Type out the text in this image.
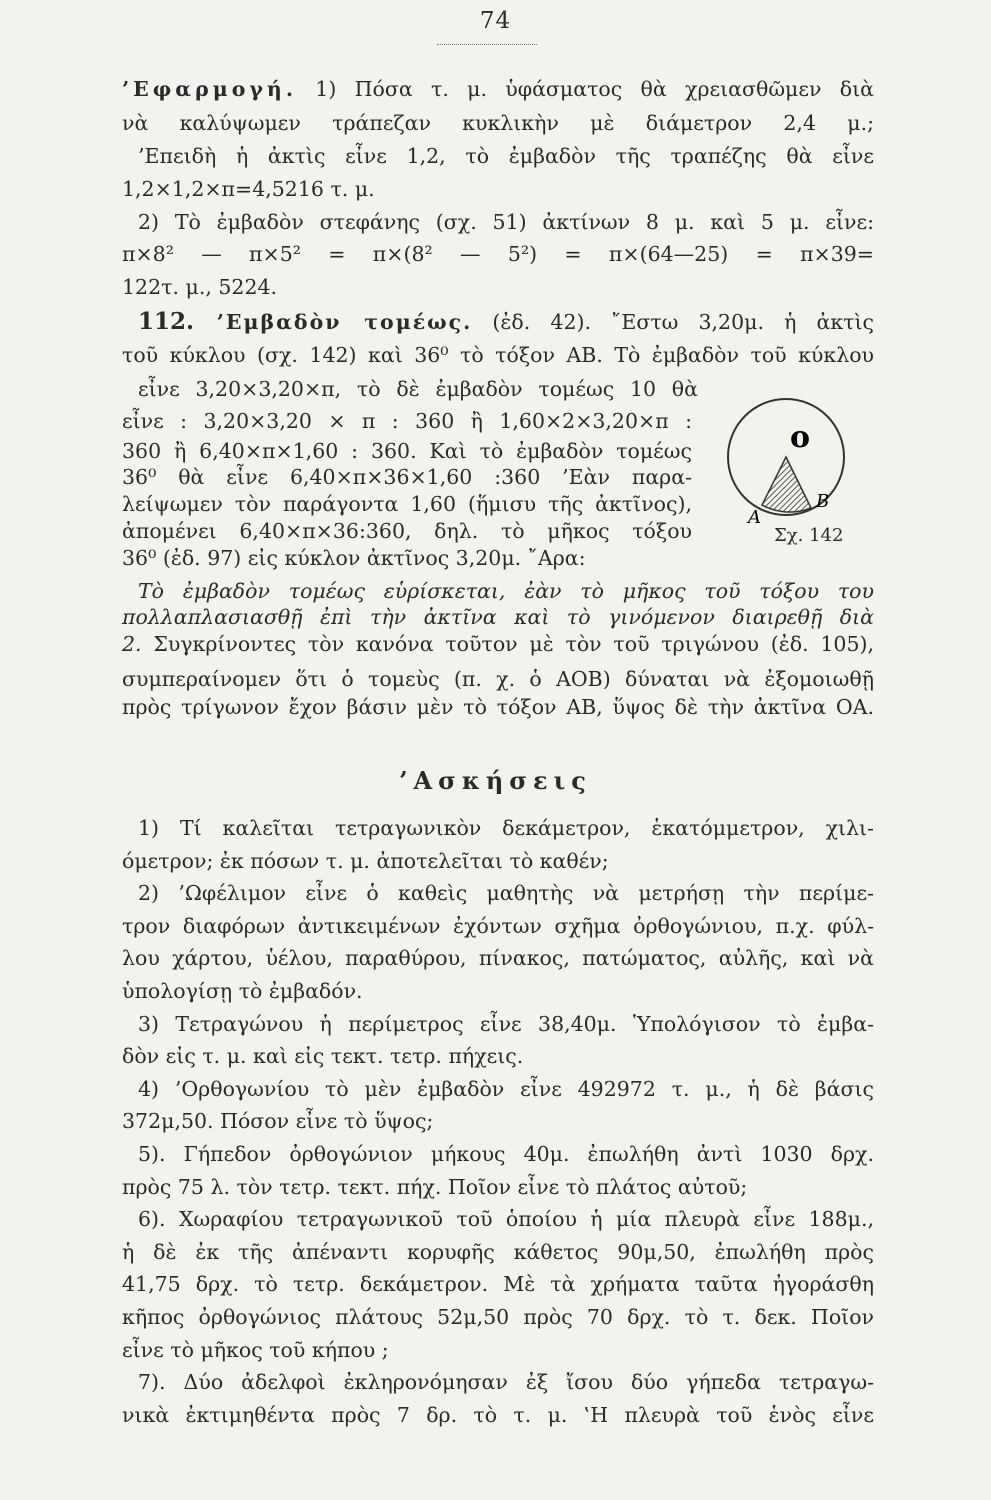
74
’Εφαρμογή. 1) Πόσα τ. μ. ὑφάσματος θὰ χρειασθῶμεν διὰ
νὰ καλύψωμεν τράπεζαν κυκλικὴν μὲ διάμετρον 2,4 μ.;
’Επειδὴ ἡ ἀκτὶς εἶνε 1,2, τὸ ἐμβαδὸν τῆς τραπέζης θὰ εἶνε
1,2×1,2×π=4,5216 τ. μ.
2) Τὸ ἐμβαδὸν στεφάνης (σχ. 51) ἀκτίνων 8 μ. καὶ 5 μ. εἶνε:
π×8² — π×5² = π×(8² — 5²) = π×(64—25) = π×39=
122τ. μ., 5224.
112. ’Εμβαδὸν τομέως. (ἐδ. 42). ῎Εστω 3,20μ. ἡ ἀκτὶς
τοῦ κύκλου (σχ. 142) καὶ 36⁰ τὸ τόξον ΑΒ. Τὸ ἐμβαδὸν τοῦ κύκλου
εἶνε 3,20×3,20×π, τὸ δὲ ἐμβαδὸν τομέως 10 θὰ
εἶνε : 3,20×3,20 × π : 360 ἢ 1,60×2×3,20×π :
360 ἢ 6,40×π×1,60 : 360. Καὶ τὸ ἐμβαδὸν τομέως
36⁰ θὰ εἶνε 6,40×π×36×1,60 :360 ’Εὰν παρα-
λείψωμεν τὸν παράγοντα 1,60 (ἥμισυ τῆς ἀκτῖνος),
ἀπομένει 6,40×π×36:360, δηλ. τὸ μῆκος τόξου
36⁰ (ἐδ. 97) εἰς κύκλον ἀκτῖνος 3,20μ. ῎Αρα:
ο
Α
Β
Σχ. 142
Τὸ ἐμβαδὸν τομέως εὑρίσκεται, ἐὰν τὸ μῆκος τοῦ τόξου του
πολλαπλασιασθῇ ἐπὶ τὴν ἀκτῖνα καὶ τὸ γινόμενον διαιρεθῇ διὰ
2. Συγκρίνοντες τὸν κανόνα τοῦτον μὲ τὸν τοῦ τριγώνου (ἐδ. 105),
συμπεραίνομεν ὅτι ὁ τομεὺς (π. χ. ὁ ΑΟΒ) δύναται νὰ ἐξομοιωθῇ
πρὸς τρίγωνον ἔχον βάσιν μὲν τὸ τόξον ΑΒ, ὕψος δὲ τὴν ἀκτῖνα ΟΑ.
’Ασκήσεις
1) Τί καλεῖται τετραγωνικὸν δεκάμετρον, ἑκατόμμετρον, χιλι-
όμετρον; ἐκ πόσων τ. μ. ἀποτελεῖται τὸ καθέν;
2) ’Ωφέλιμον εἶνε ὁ καθεὶς μαθητὴς νὰ μετρήσῃ τὴν περίμε-
τρον διαφόρων ἀντικειμένων ἐχόντων σχῆμα ὀρθογώνιου, π.χ. φύλ-
λου χάρτου, ὑέλου, παραθύρου, πίνακος, πατώματος, αὐλῆς, καὶ νὰ
ὑπολογίσῃ τὸ ἐμβαδόν.
3) Τετραγώνου ἡ περίμετρος εἶνε 38,40μ. Ὑπολόγισον τὸ ἐμβα-
δὸν εἰς τ. μ. καὶ εἰς τεκτ. τετρ. πήχεις.
4) ’Ορθογωνίου τὸ μὲν ἐμβαδὸν εἶνε 492972 τ. μ., ἡ δὲ βάσις
372μ,50. Πόσον εἶνε τὸ ὕψος;
5). Γήπεδον ὀρθογώνιον μήκους 40μ. ἐπωλήθη ἀντὶ 1030 δρχ.
πρὸς 75 λ. τὸν τετρ. τεκτ. πήχ. Ποῖον εἶνε τὸ πλάτος αὐτοῦ;
6). Χωραφίου τετραγωνικοῦ τοῦ ὁποίου ἡ μία πλευρὰ εἶνε 188μ.,
ἡ δὲ ἐκ τῆς ἀπέναντι κορυφῆς κάθετος 90μ,50, ἐπωλήθη πρὸς
41,75 δρχ. τὸ τετρ. δεκάμετρον. Μὲ τὰ χρήματα ταῦτα ἠγοράσθη
κῆπος ὀρθογώνιος πλάτους 52μ,50 πρὸς 70 δρχ. τὸ τ. δεκ. Ποῖον
εἶνε τὸ μῆκος τοῦ κήπου ;
7). Δύο ἀδελφοὶ ἐκληρονόμησαν ἐξ ἴσου δύο γήπεδα τετραγω-
νικὰ ἐκτιμηθέντα πρὸς 7 δρ. τὸ τ. μ. ‛Η πλευρὰ τοῦ ἑνὸς εἶνε
